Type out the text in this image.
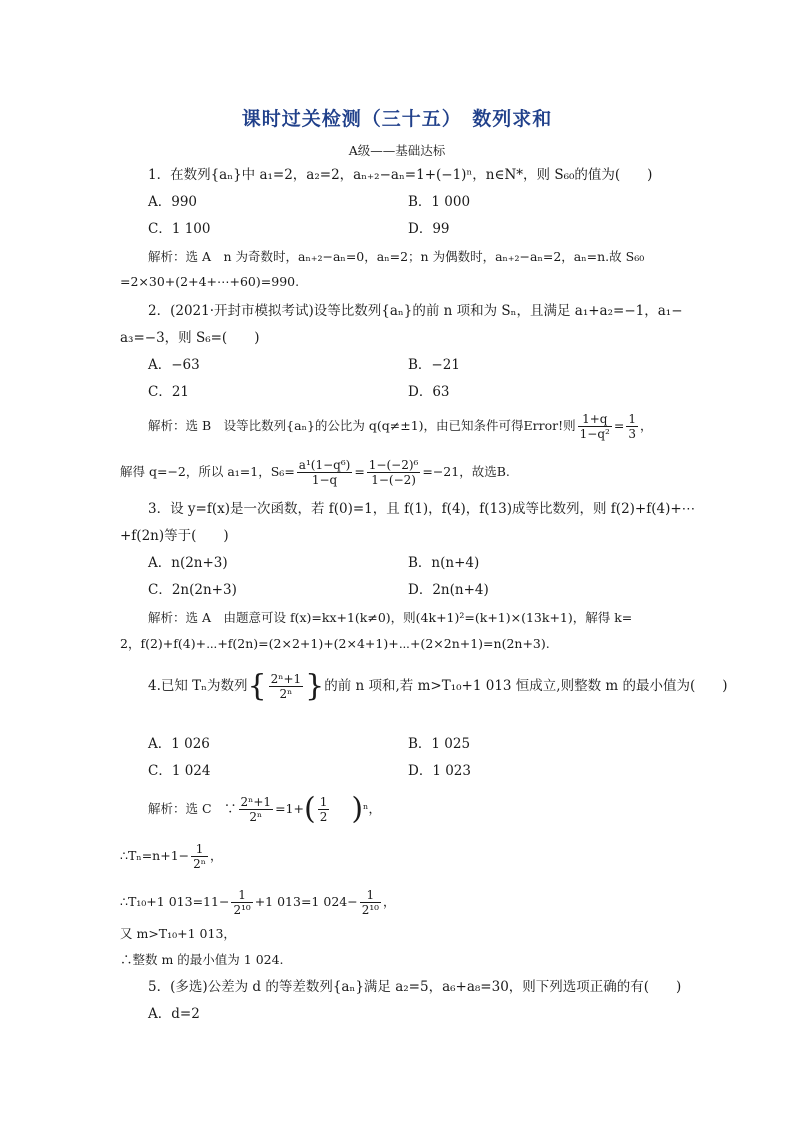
课时过关检测（三十五）　数列求和
A级——基础达标
1．在数列{aₙ}中 a₁=2，a₂=2，aₙ₊₂−aₙ=1+(−1)ⁿ，n∈N*，则 S₆₀的值为(　　)
A．990	B．1 000
C．1 100	D．99
解析：选 A　n 为奇数时，aₙ₊₂−aₙ=0，aₙ=2；n 为偶数时，aₙ₊₂−aₙ=2，aₙ=n.故 S₆₀
=2×30+(2+4+⋯+60)=990.
2．(2021·开封市模拟考试)设等比数列{aₙ}的前 n 项和为 Sₙ，且满足 a₁+a₂=−1，a₁−
a₃=−3，则 S₆=(　　)
A．−63	B．−21
C．21	D．63
解析：选 B　设等比数列{aₙ}的公比为 q(q≠±1)，由已知条件可得Error!则 $\frac{1+q}{\text{1−q²}} = \frac{1}{3}$ ，
解得 q=−2，所以 a₁=1，$S_6= \frac{\text{a¹(1−q⁶)}}{1-q} = \frac{\text{1−(−2)⁶}}{1-(-2)} =-21$，故选B.
3．设 y=f(x)是一次函数，若 f(0)=1，且 f(1)，f(4)，f(13)成等比数列，则 f(2)+f(4)+⋯
+f(2n)等于(　　)
A．n(2n+3)	B．n(n+4)
C．2n(2n+3)	D．2n(n+4)
解析：选 A　由题意可设 f(x)=kx+1(k≠0)，则(4k+1)²=(k+1)×(13k+1)，解得 k=
2，f(2)+f(4)+⋯+f(2n)=(2×2+1)+(2×4+1)+⋯+(2×2n+1)=n(2n+3).
4.已知 Tₙ为数列{ $\frac{\text{2ⁿ+1}}{\text{2ⁿ}}$ }的前 n 项和,若 m>T₁₀+1 013 恒成立,则整数 m 的最小值为(　　)
A．1 026	B．1 025
C．1 024	D．1 023
解析：选 C　∵ $\frac{\text{2ⁿ+1}}{\text{2ⁿ}} =1+( \frac{1}{2} )^n$，
∴Tₙ=n+1− $\frac{1}{\text{2ⁿ}}$ ，
∴T₁₀+1 $013=11- \frac{1}{\text{2¹⁰}} +1$ 013=1 $024- \frac{1}{\text{2¹⁰}}$ ，
又 m>T₁₀+1 013，
∴整数 m 的最小值为 1 024.
5．(多选)公差为 d 的等差数列{aₙ}满足 a₂=5，a₆+a₈=30，则下列选项正确的有(　　)
A．d=2
